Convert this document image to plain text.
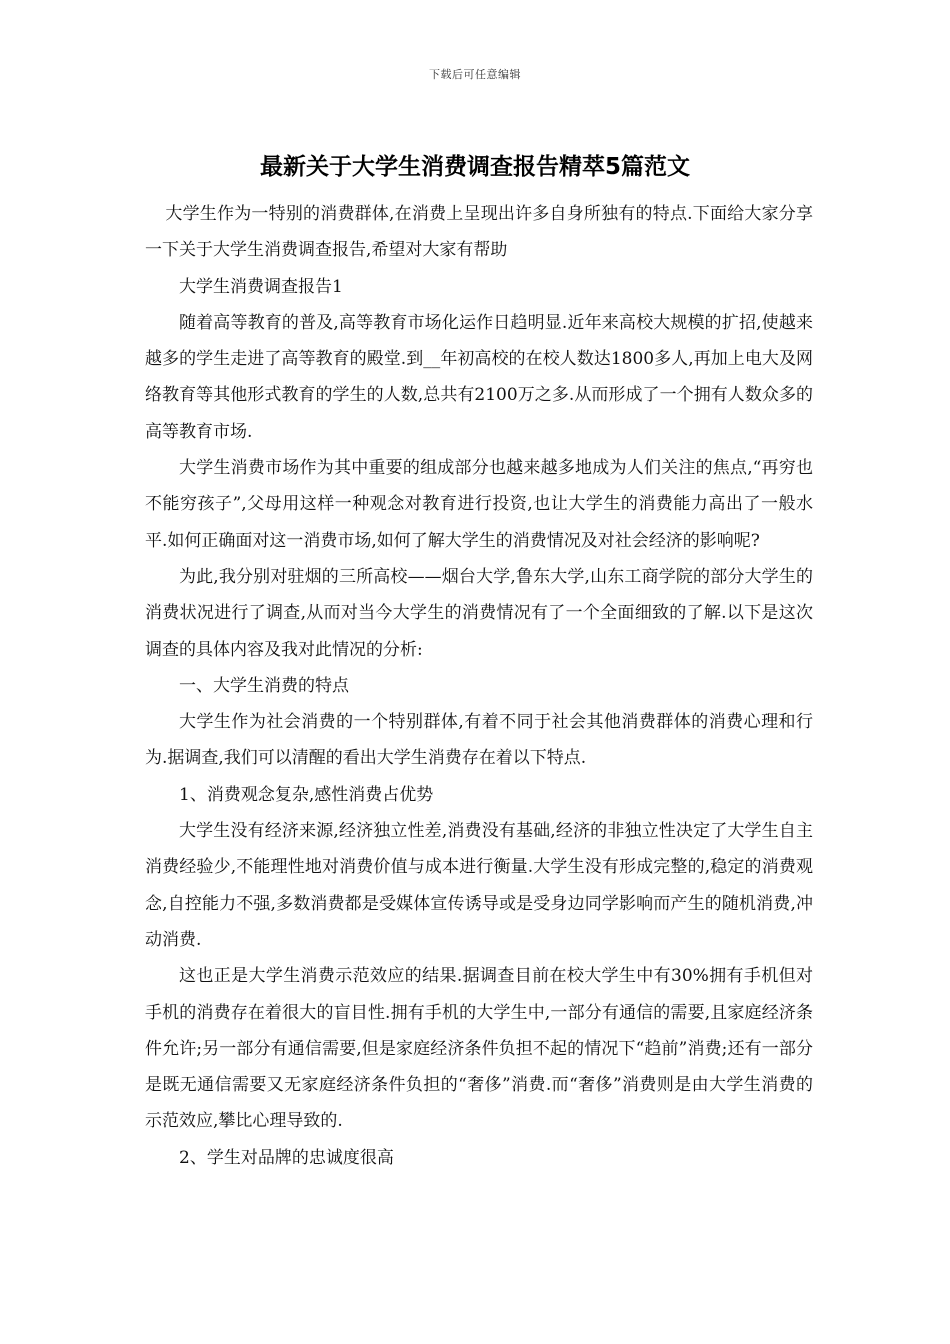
下载后可任意编辑
最新关于大学生消费调查报告精萃5篇范文

大学生作为一特别的消费群体,在消费上呈现出许多自身所独有的特点.下面给大家分享一下关于大学生消费调查报告,希望对大家有帮助

大学生消费调查报告1

随着高等教育的普及,高等教育市场化运作日趋明显.近年来高校大规模的扩招,使越来越多的学生走进了高等教育的殿堂.到__年初高校的在校人数达1800多人,再加上电大及网络教育等其他形式教育的学生的人数,总共有2100万之多.从而形成了一个拥有人数众多的高等教育市场.

大学生消费市场作为其中重要的组成部分也越来越多地成为人们关注的焦点,“再穷也不能穷孩子”,父母用这样一种观念对教育进行投资,也让大学生的消费能力高出了一般水平.如何正确面对这一消费市场,如何了解大学生的消费情况及对社会经济的影响呢?

为此,我分别对驻烟的三所高校——烟台大学,鲁东大学,山东工商学院的部分大学生的消费状况进行了调查,从而对当今大学生的消费情况有了一个全面细致的了解.以下是这次调查的具体内容及我对此情况的分析:

一、大学生消费的特点

大学生作为社会消费的一个特别群体,有着不同于社会其他消费群体的消费心理和行为.据调查,我们可以清醒的看出大学生消费存在着以下特点.

1、消费观念复杂,感性消费占优势

大学生没有经济来源,经济独立性差,消费没有基础,经济的非独立性决定了大学生自主消费经验少,不能理性地对消费价值与成本进行衡量.大学生没有形成完整的,稳定的消费观念,自控能力不强,多数消费都是受媒体宣传诱导或是受身边同学影响而产生的随机消费,冲动消费.

这也正是大学生消费示范效应的结果.据调查目前在校大学生中有30%拥有手机但对手机的消费存在着很大的盲目性.拥有手机的大学生中,一部分有通信的需要,且家庭经济条件允许;另一部分有通信需要,但是家庭经济条件负担不起的情况下“趋前”消费;还有一部分是既无通信需要又无家庭经济条件负担的“奢侈”消费.而“奢侈”消费则是由大学生消费的示范效应,攀比心理导致的.

2、学生对品牌的忠诚度很高
